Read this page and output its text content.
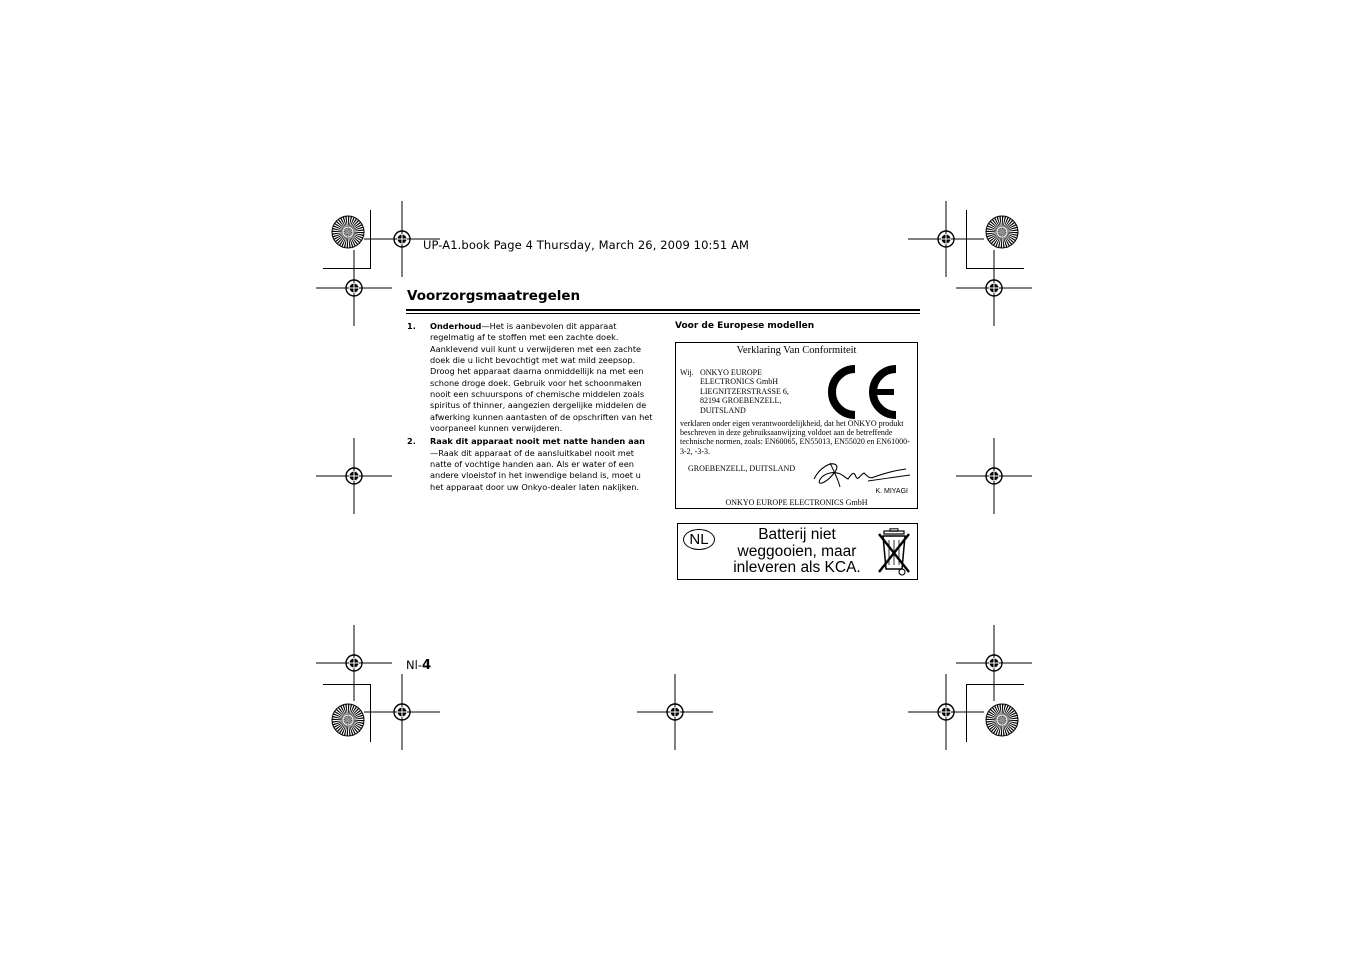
UP-A1.book Page 4 Thursday, March 26, 2009 10:51 AM
Voorzorgsmaatregelen
1. Onderhoud—Het is aanbevolen dit apparaat regelmatig af te stoffen met een zachte doek. Aanklevend vuil kunt u verwijderen met een zachte doek die u licht bevochtigt met wat mild zeepsop. Droog het apparaat daarna onmiddellijk na met een schone droge doek. Gebruik voor het schoonmaken nooit een schuurspons of chemische middelen zoals spiritus of thinner, aangezien dergelijke middelen de afwerking kunnen aantasten of de opschriften van het voorpaneel kunnen verwijderen.
2. Raak dit apparaat nooit met natte handen aan—Raak dit apparaat of de aansluitkabel nooit met natte of vochtige handen aan. Als er water of een andere vloeistof in het inwendige beland is, moet u het apparaat door uw Onkyo-dealer laten nakijken.
Voor de Europese modellen
Verklaring Van Conformiteit
Wij. ONKYO EUROPE
ELECTRONICS GmbH
LIEGNITZERSTRASSE 6,
82194 GROEBENZELL,
DUITSLAND
verklaren onder eigen verantwoordelijkheid, dat het ONKYO produkt beschreven in deze gebruiksaanwijzing voldoet aan de betreffende technische normen, zoals: EN60065, EN55013, EN55020 en EN61000-3-2, -3-3.
GROEBENZELL, DUITSLAND
K. MIYAGI
ONKYO EUROPE ELECTRONICS GmbH
NL	Batterij niet
weggooien, maar
inleveren als KCA.
Nl-4
